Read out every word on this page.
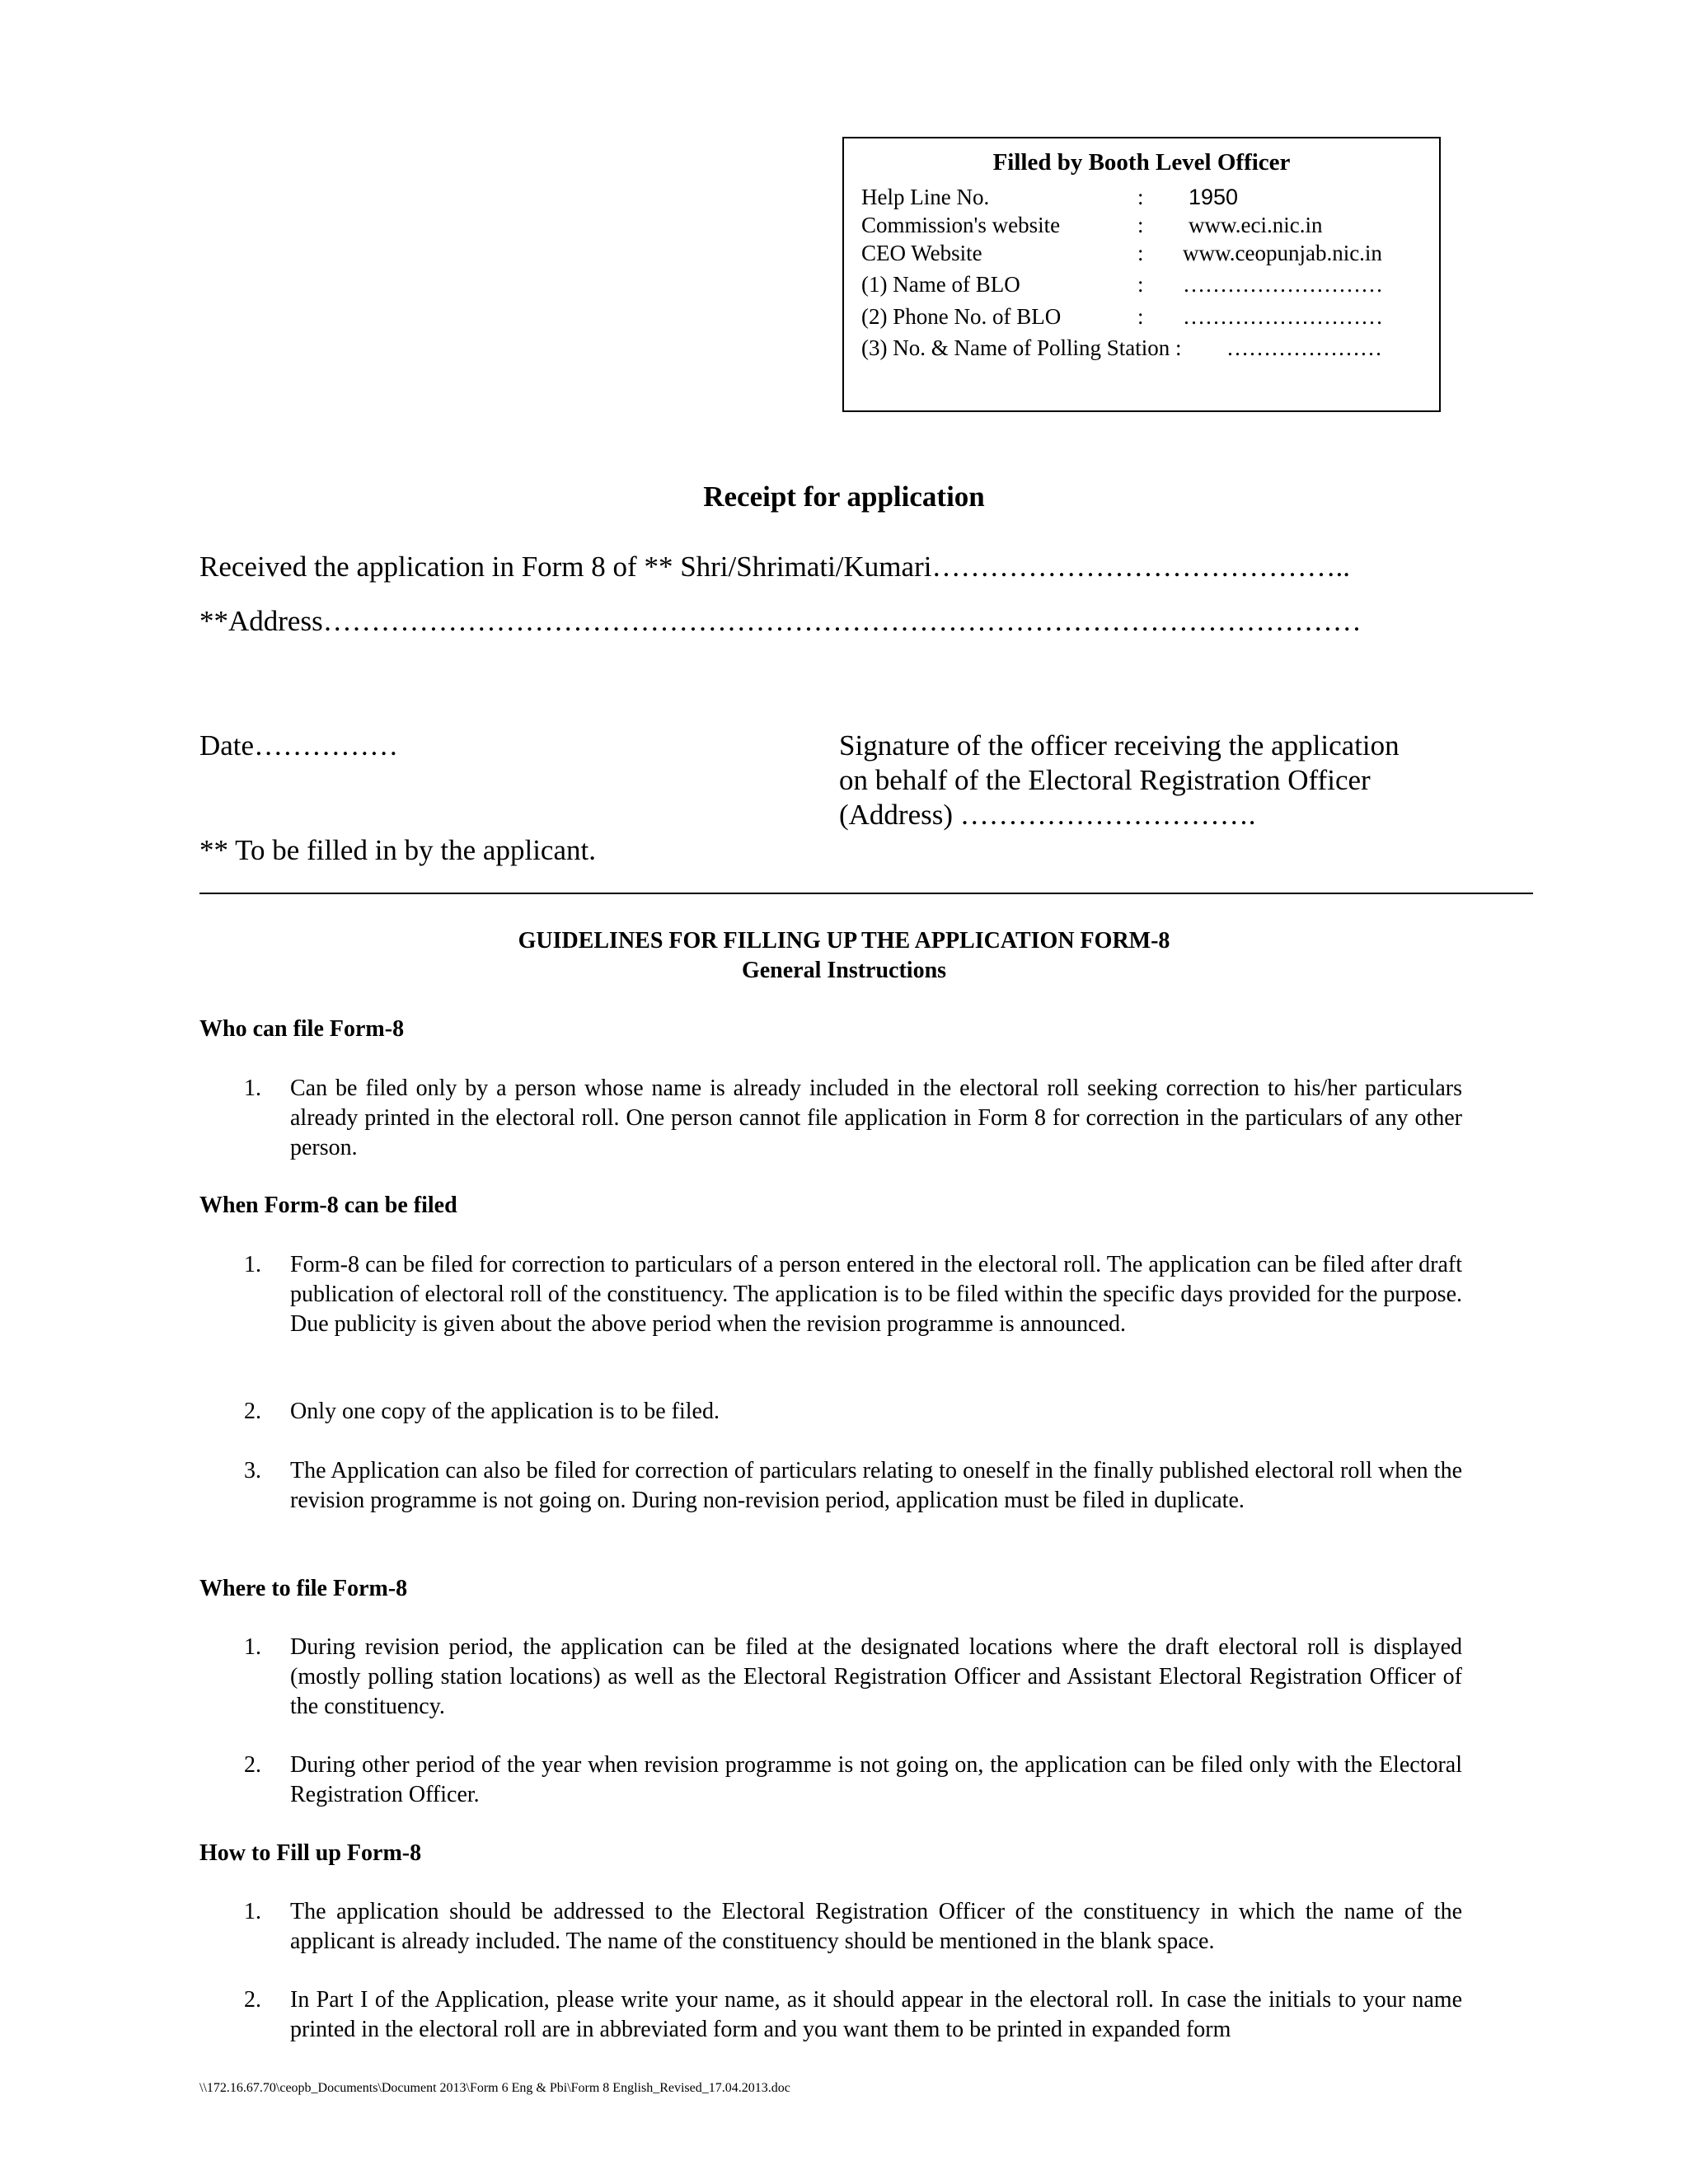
Filled by Booth Level Officer
Help Line No.	: 1950
Commission's website	: www.eci.nic.in
CEO Website	: www.ceopunjab.nic.in
(1) Name of BLO	: ………………………
(2) Phone No. of BLO	: ………………………
(3) No. & Name of Polling Station : …………………
Receipt for application
Received the application in Form 8 of ** Shri/Shrimati/Kumari……………………………………..
**Address………………………………………………………………………………………………
Date……………	Signature of the officer receiving the application
on behalf of the Electoral Registration Officer
(Address) ………………………….
** To be filled in by the applicant.
GUIDELINES FOR FILLING UP THE APPLICATION FORM-8
General Instructions
Who can file Form-8
1. Can be filed only by a person whose name is already included in the electoral roll seeking correction to his/her particulars already printed in the electoral roll. One person cannot file application in Form 8 for correction in the particulars of any other person.
When Form-8 can be filed
1. Form-8 can be filed for correction to particulars of a person entered in the electoral roll. The application can be filed after draft publication of electoral roll of the constituency. The application is to be filed within the specific days provided for the purpose. Due publicity is given about the above period when the revision programme is announced.
2. Only one copy of the application is to be filed.
3. The Application can also be filed for correction of particulars relating to oneself in the finally published electoral roll when the revision programme is not going on. During non-revision period, application must be filed in duplicate.
Where to file Form-8
1. During revision period, the application can be filed at the designated locations where the draft electoral roll is displayed (mostly polling station locations) as well as the Electoral Registration Officer and Assistant Electoral Registration Officer of the constituency.
2. During other period of the year when revision programme is not going on, the application can be filed only with the Electoral Registration Officer.
How to Fill up Form-8
1. The application should be addressed to the Electoral Registration Officer of the constituency in which the name of the applicant is already included. The name of the constituency should be mentioned in the blank space.
2. In Part I of the Application, please write your name, as it should appear in the electoral roll. In case the initials to your name printed in the electoral roll are in abbreviated form and you want them to be printed in expanded form
\\172.16.67.70\ceopb_Documents\Document 2013\Form 6 Eng & Pbi\Form 8 English_Revised_17.04.2013.doc
